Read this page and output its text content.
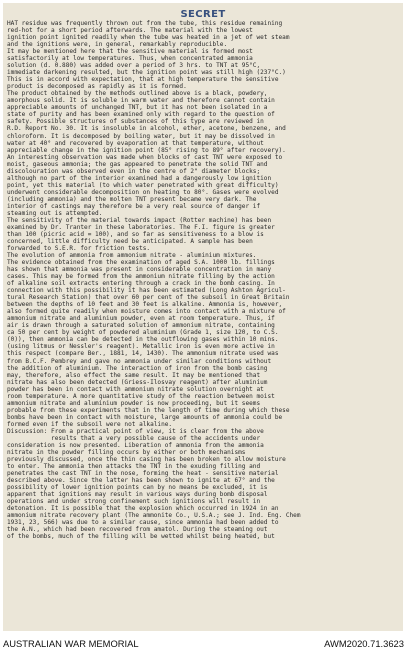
SECRET
HAT residue was frequently thrown out from the tube, this residue remaining
red-hot for a short period afterwards. The material with the lowest
ignition point ignited readily when the tube was heated in a jet of wet steam
and the ignitions were, in general, remarkably reproducible.
It may be mentioned here that the sensitive material is formed most
satisfactorily at low temperatures. Thus, when concentrated ammonia
solution (d. 0.880) was added over a period of 3 hrs. to TNT at 95°C,
immediate darkening resulted, but the ignition point was still high (237°C.)
This is in accord with expectation, that at high temperature the sensitive
product is decomposed as rapidly as it is formed.
The product obtained by the methods outlined above is a black, powdery,
amorphous solid. It is soluble in warm water and therefore cannot contain
appreciable amounts of unchanged TNT, but it has not been isolated in a
state of purity and has been examined only with regard to the question of
safety. Possible structures of substances of this type are reviewed in
R.D. Report No. 30. It is insoluble in alcohol, ether, acetone, benzene, and
chloroform. It is decomposed by boiling water, but it may be dissolved in
water at 40° and recovered by evaporation at that temperature, without
appreciable change in the ignition point (85° rising to 89° after recovery).
An interesting observation was made when blocks of cast TNT were exposed to
moist, gaseous ammonia; the gas appeared to penetrate the solid TNT and
discolouration was observed even in the centre of 2" diameter blocks;
although no part of the interior examined had a dangerously low ignition
point, yet this material (to which water penetrated with great difficulty)
underwent considerable decomposition on heating to 80°. Gases were evolved
(including ammonia) and the molten TNT present became very dark. The
interior of castings may therefore be a very real source of danger if
steaming out is attempted.
The sensitivity of the material towards impact (Rotter machine) has been
examined by Dr. Tranter in these laboratories. The F.I. figure is greater
than 100 (picric acid = 100), and so far as sensitiveness to a blow is
concerned, little difficulty need be anticipated. A sample has been
forwarded to S.E.R. for friction tests.
The evolution of ammonia from ammonium nitrate - aluminium mixtures.
The evidence obtained from the examination of aged S.A. 1000 lb. fillings
has shown that ammonia was present in considerable concentration in many
cases. This may be formed from the ammonium nitrate filling by the action
of alkaline soil extracts entering through a crack in the bomb casing. In
connection with this possibility it has been estimated (Long Ashton Agricul-
tural Research Station) that over 60 per cent of the subsoil in Great Britain
between the depths of 10 feet and 30 feet is alkaline. Ammonia is, however,
also formed quite readily when moisture comes into contact with a mixture of
ammonium nitrate and aluminium powder, even at room temperature. Thus, if
air is drawn through a saturated solution of ammonium nitrate, containing
ca 50 per cent by weight of powdered aluminium (Grade 1, size 120, to C.S.
(0)), then ammonia can be detected in the outflowing gases within 10 mins.
(using litmus or Nessler's reagent). Metallic iron is even more active in
this respect (compare Ber., 1881, 14, 1430). The ammonium nitrate used was
from B.C.F. Pembrey and gave no ammonia under similar conditions without
the addition of aluminium. The interaction of iron from the bomb casing
may, therefore, also effect the same result. It may be mentioned that
nitrate has also been detected (Griess-Ilosvay reagent) after aluminium
powder has been in contact with ammonium nitrate solution overnight at
room temperature. A more quantitative study of the reaction between moist
ammonium nitrate and aluminium powder is now proceeding, but it seems
probable from these experiments that in the length of time during which these
bombs have been in contact with moisture, large amounts of ammonia could be
formed even if the subsoil were not alkaline.
Discussion: From a practical point of view, it is clear from the above
results that a very possible cause of the accidents under
consideration is now presented. Liberation of ammonia from the ammonia
nitrate in the powder filling occurs by either or both mechanisms
previously discussed, once the thin casing has been broken to allow moisture
to enter. The ammonia then attacks the TNT in the exuding filling and
penetrates the cast TNT in the nose, forming the heat - sensitive material
described above. Since the latter has been shown to ignite at 67° and the
possibility of lower ignition points can by no means be excluded, it is
apparent that ignitions may result in various ways during bomb disposal
operations and under strong confinement such ignitions will result in
detonation. It is possible that the explosion which occurred in 1924 in an
ammonium nitrate recovery plant (The ammonite Co., U.S.A.; see J. Ind. Eng. Chem
1931, 23, 566) was due to a similar cause, since ammonia had been added to
the A.N., which had been recovered from amatol. During the steaming out
of the bombs, much of the filling will be wetted whilst being heated, but
AUSTRALIAN WAR MEMORIAL	AWM2020.71.3623
